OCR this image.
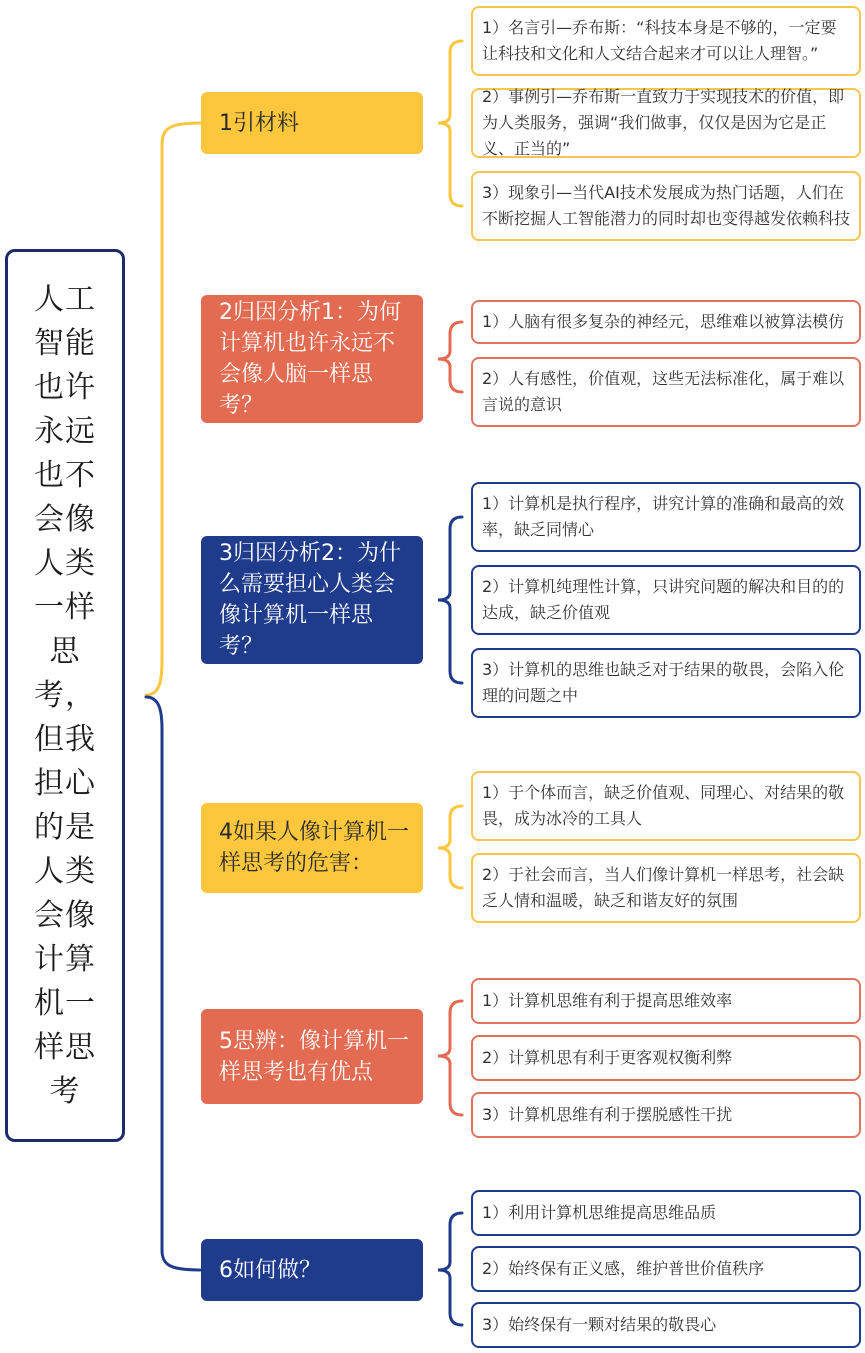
人工智能也许永远也不会像人类一样思考，但我担心的是人类会像计算机一样思考
1引材料
1）名言引—乔布斯：“科技本身是不够的，一定要让科技和文化和人文结合起来才可以让人理智。”
2）事例引—乔布斯一直致力于实现技术的价值，即为人类服务，强调“我们做事，仅仅是因为它是正义、正当的”
3）现象引—当代AI技术发展成为热门话题，人们在不断挖掘人工智能潜力的同时却也变得越发依赖科技
2归因分析1：为何计算机也许永远不会像人脑一样思考？
1）人脑有很多复杂的神经元，思维难以被算法模仿
2）人有感性，价值观，这些无法标准化，属于难以言说的意识
3归因分析2：为什么需要担心人类会像计算机一样思考？
1）计算机是执行程序，讲究计算的准确和最高的效率，缺乏同情心
2）计算机纯理性计算，只讲究问题的解决和目的的达成，缺乏价值观
3）计算机的思维也缺乏对于结果的敬畏，会陷入伦理的问题之中
4如果人像计算机一样思考的危害：
1）于个体而言，缺乏价值观、同理心、对结果的敬畏，成为冰冷的工具人
2）于社会而言，当人们像计算机一样思考，社会缺乏人情和温暖，缺乏和谐友好的氛围
5思辨：像计算机一样思考也有优点
1）计算机思维有利于提高思维效率
2）计算机思有利于更客观权衡利弊
3）计算机思维有利于摆脱感性干扰
6如何做？
1）利用计算机思维提高思维品质
2）始终保有正义感，维护普世价值秩序
3）始终保有一颗对结果的敬畏心
